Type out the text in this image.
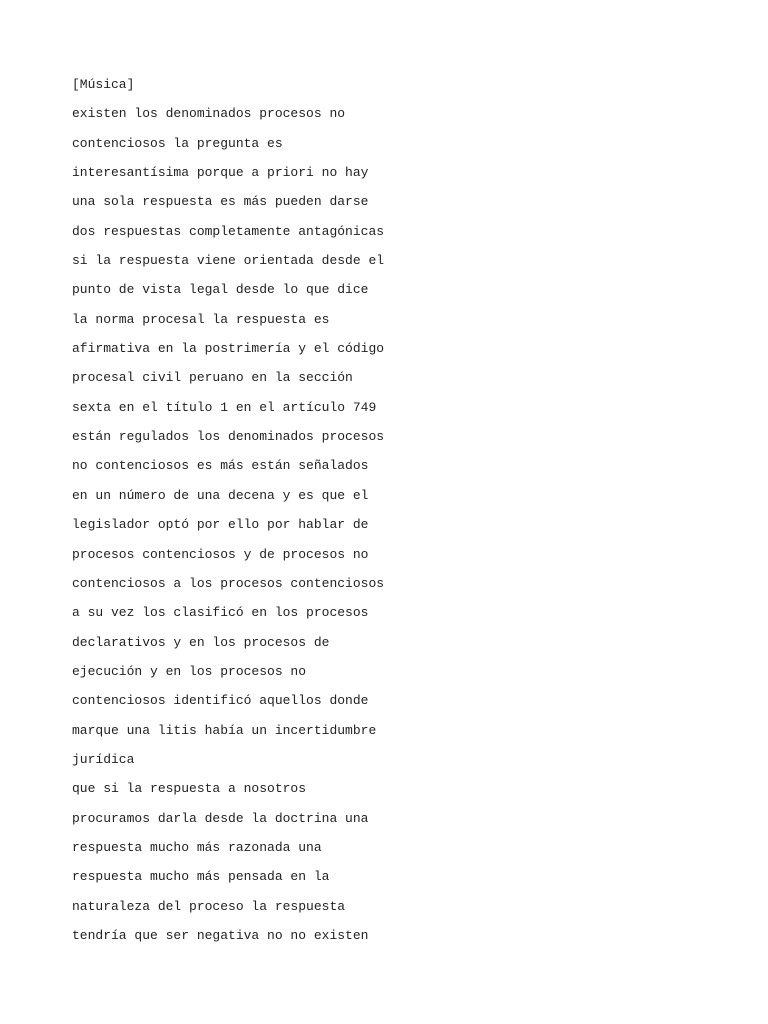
[Música]
existen los denominados procesos no
contenciosos la pregunta es
interesantísima porque a priori no hay
una sola respuesta es más pueden darse
dos respuestas completamente antagónicas
si la respuesta viene orientada desde el
punto de vista legal desde lo que dice
la norma procesal la respuesta es
afirmativa en la postrimería y el código
procesal civil peruano en la sección
sexta en el título 1 en el artículo 749
están regulados los denominados procesos
no contenciosos es más están señalados
en un número de una decena y es que el
legislador optó por ello por hablar de
procesos contenciosos y de procesos no
contenciosos a los procesos contenciosos
a su vez los clasificó en los procesos
declarativos y en los procesos de
ejecución y en los procesos no
contenciosos identificó aquellos donde
marque una litis había un incertidumbre
jurídica
que si la respuesta a nosotros
procuramos darla desde la doctrina una
respuesta mucho más razonada una
respuesta mucho más pensada en la
naturaleza del proceso la respuesta
tendría que ser negativa no no existen
